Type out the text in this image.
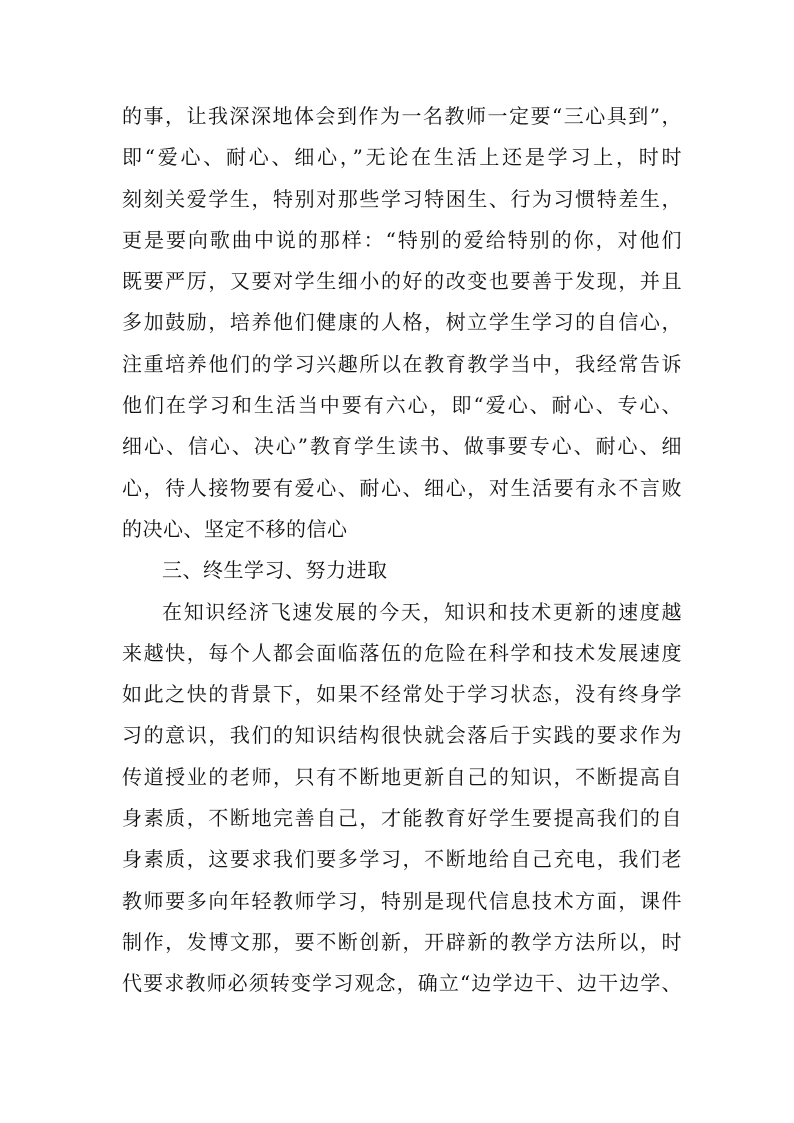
的事，让我深深地体会到作为一名教师一定要“三心具到”，
即“爱心、耐心、细心，”无论在生活上还是学习上，时时
刻刻关爱学生，特别对那些学习特困生、行为习惯特差生，
更是要向歌曲中说的那样：“特别的爱给特别的你，对他们
既要严厉，又要对学生细小的好的改变也要善于发现，并且
多加鼓励，培养他们健康的人格，树立学生学习的自信心，
注重培养他们的学习兴趣所以在教育教学当中，我经常告诉
他们在学习和生活当中要有六心，即“爱心、耐心、专心、
细心、信心、决心”教育学生读书、做事要专心、耐心、细
心，待人接物要有爱心、耐心、细心，对生活要有永不言败
的决心、坚定不移的信心
三、终生学习、努力进取
在知识经济飞速发展的今天，知识和技术更新的速度越
来越快，每个人都会面临落伍的危险在科学和技术发展速度
如此之快的背景下，如果不经常处于学习状态，没有终身学
习的意识，我们的知识结构很快就会落后于实践的要求作为
传道授业的老师，只有不断地更新自己的知识，不断提高自
身素质，不断地完善自己，才能教育好学生要提高我们的自
身素质，这要求我们要多学习，不断地给自己充电，我们老
教师要多向年轻教师学习，特别是现代信息技术方面，课件
制作，发博文那，要不断创新，开辟新的教学方法所以，时
代要求教师必须转变学习观念，确立“边学边干、边干边学、
